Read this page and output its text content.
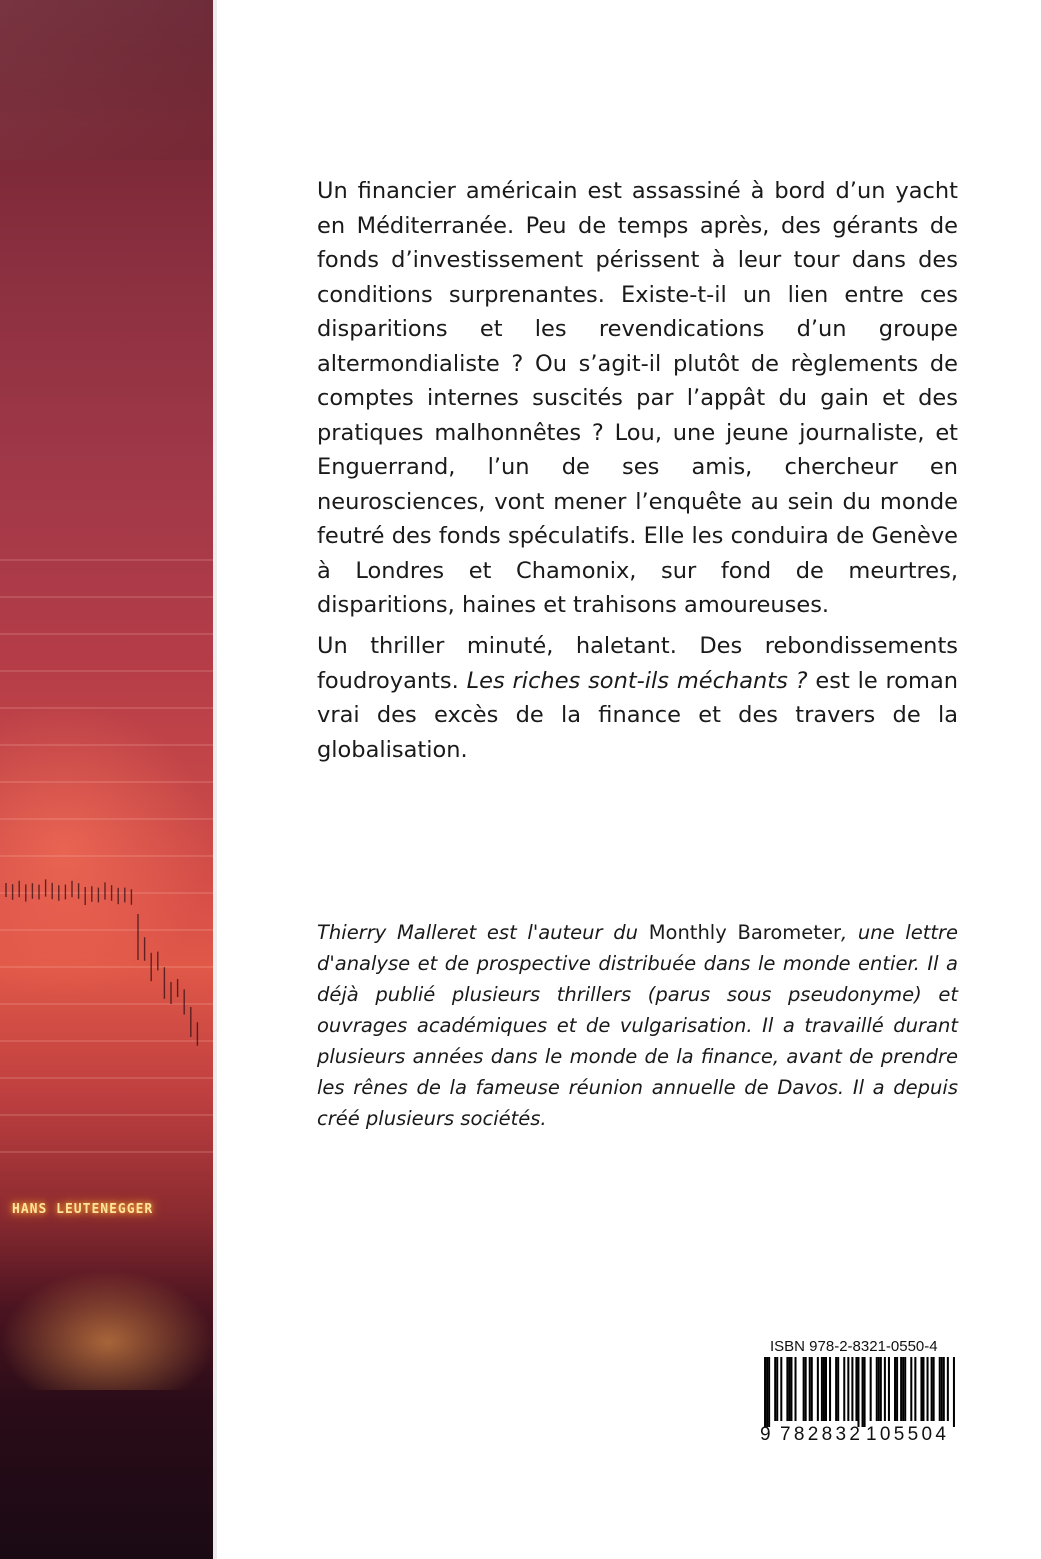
HANS LEUTENEGGER

Un financier américain est assassiné à bord d’un yacht en Méditerranée. Peu de temps après, des gérants de fonds d’investissement périssent à leur tour dans des conditions surprenantes. Existe-t-il un lien entre ces disparitions et les revendications d’un groupe altermondialiste ? Ou s’agit-il plutôt de règlements de comptes internes suscités par l’appât du gain et des pratiques malhonnêtes ? Lou, une jeune journaliste, et Enguerrand, l’un de ses amis, chercheur en neurosciences, vont mener l’enquête au sein du monde feutré des fonds spéculatifs. Elle les conduira de Genève à Londres et Chamonix, sur fond de meurtres, disparitions, haines et trahisons amoureuses.

Un thriller minuté, haletant. Des rebondissements foudroyants. Les riches sont-ils méchants ? est le roman vrai des excès de la finance et des travers de la globalisation.

Thierry Malleret est l'auteur du Monthly Barometer, une lettre d'analyse et de prospective distribuée dans le monde entier. Il a déjà publié plusieurs thrillers (parus sous pseudonyme) et ouvrages académiques et de vulgarisation. Il a travaillé durant plusieurs années dans le monde de la finance, avant de prendre les rênes de la fameuse réunion annuelle de Davos. Il a depuis créé plusieurs sociétés.

ISBN 978-2-8321-0550-4
9 782832 105504
